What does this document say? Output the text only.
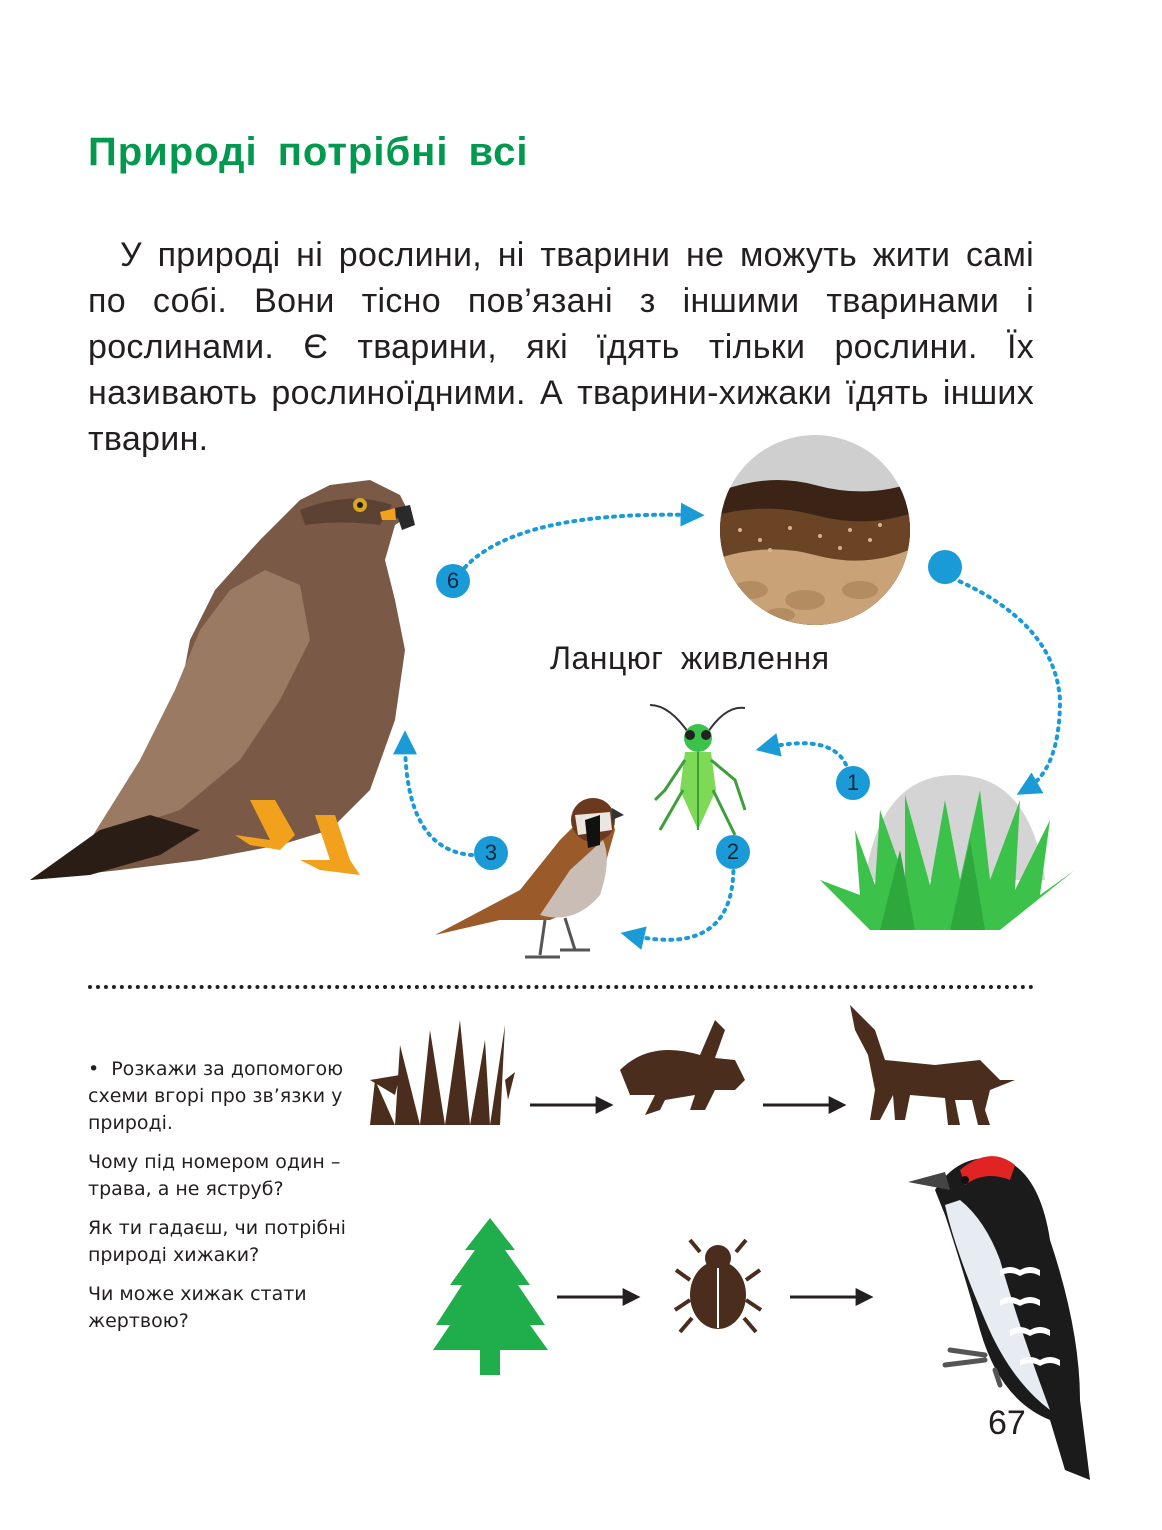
Природі потрібні всі

У природі ні рослини, ні тварини не можуть жити самі по собі. Вони тісно пов’язані з іншими тваринами і рослинами. Є тварини, які їдять тільки рослини. Їх називають рослиноїдними. А тварини-хижаки їдять інших тварин.

6
1
2
3

Ланцюг живлення

• Розкажи за допомогою схеми вгорі про зв’язки у природі.

Чому під номером один – трава, а не яструб?

Як ти гадаєш, чи потрібні природі хижаки?

Чи може хижак стати жертвою?

67
